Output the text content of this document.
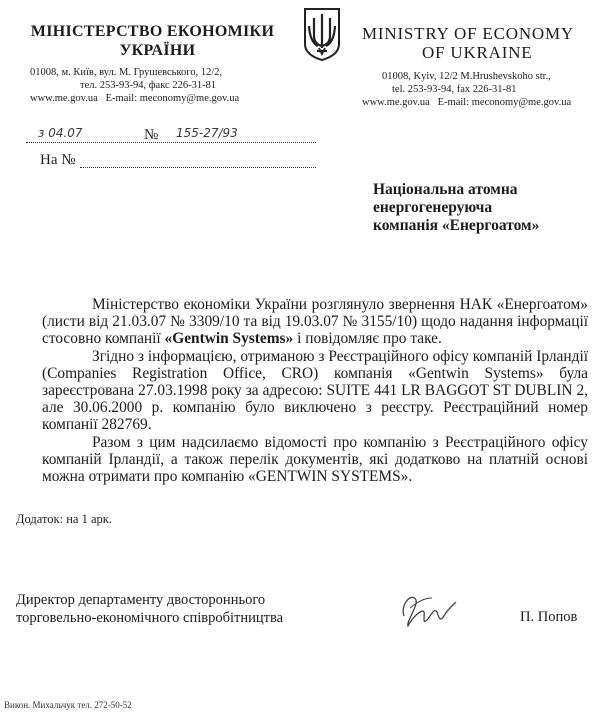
МІНІСТЕРСТВО ЕКОНОМІКИ
УКРАЇНИ
01008, м. Київ, вул. М. Грушевського, 12/2,
тел. 253-93-94, факс 226-31-81
www.me.gov.ua   E-mail: meconomy@me.gov.ua
MINISTRY OF ECONOMY
OF UKRAINE
01008, Kyiv, 12/2 M.Hrushevskoho str.,
tel. 253-93-94, fax 226-31-81
www.me.gov.ua   E-mail: meconomy@me.gov.ua
з 04.07	№ 155-27/93
На №
Національна атомна
енергогенеруюча
компанія «Енергоатом»

Міністерство економіки України розглянуло звернення НАК «Енергоатом» (листи від 21.03.07 № 3309/10 та від 19.03.07 № 3155/10) щодо надання інформації стосовно компанії «Gentwin Systems» і повідомляє про таке.

Згідно з інформацією, отриманою з Реєстраційного офісу компаній Ірландії (Companies Registration Office, CRO) компанія «Gentwin Systems» була зареєстрована 27.03.1998 року за адресою: SUITE 441 LR BAGGOT ST DUBLIN 2, але 30.06.2000 р. компанію було виключено з реєстру. Реєстраційний номер компанії 282769.

Разом з цим надсилаємо відомості про компанію з Реєстраційного офісу компаній Ірландії, а також перелік документів, які додатково на платній основі можна отримати про компанію «GENTWIN SYSTEMS».

Додаток: на 1 арк.
Директор департаменту двостороннього
торговельно-економічного співробітництва	П. Попов
Викон. Михальчук тел. 272-50-52
